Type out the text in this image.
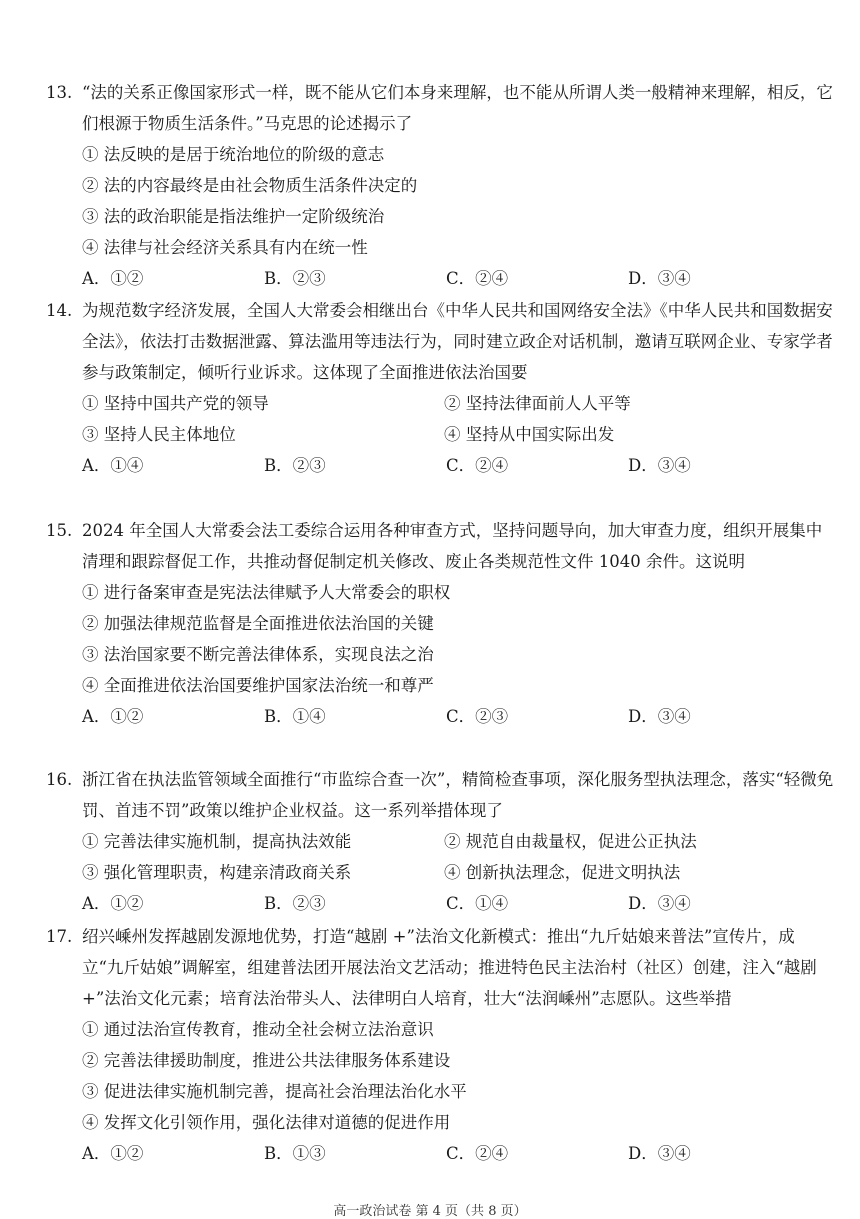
13. “法的关系正像国家形式一样，既不能从它们本身来理解，也不能从所谓人类一般精神来理解，相反，它们根源于物质生活条件。”马克思的论述揭示了
① 法反映的是居于统治地位的阶级的意志
② 法的内容最终是由社会物质生活条件决定的
③ 法的政治职能是指法维护一定阶级统治
④ 法律与社会经济关系具有内在统一性
A．①②	B．②③	C．②④	D．③④
14. 为规范数字经济发展，全国人大常委会相继出台《中华人民共和国网络安全法》《中华人民共和国数据安全法》，依法打击数据泄露、算法滥用等违法行为，同时建立政企对话机制，邀请互联网企业、专家学者参与政策制定，倾听行业诉求。这体现了全面推进依法治国要
① 坚持中国共产党的领导	② 坚持法律面前人人平等
③ 坚持人民主体地位	④ 坚持从中国实际出发
A．①④	B．②③	C．②④	D．③④
15. 2024 年全国人大常委会法工委综合运用各种审查方式，坚持问题导向，加大审查力度，组织开展集中清理和跟踪督促工作，共推动督促制定机关修改、废止各类规范性文件 1040 余件。这说明
① 进行备案审查是宪法法律赋予人大常委会的职权
② 加强法律规范监督是全面推进依法治国的关键
③ 法治国家要不断完善法律体系，实现良法之治
④ 全面推进依法治国要维护国家法治统一和尊严
A．①②	B．①④	C．②③	D．③④
16. 浙江省在执法监管领域全面推行“市监综合查一次”，精简检查事项，深化服务型执法理念，落实“轻微免罚、首违不罚”政策以维护企业权益。这一系列举措体现了
① 完善法律实施机制，提高执法效能	② 规范自由裁量权，促进公正执法
③ 强化管理职责，构建亲清政商关系	④ 创新执法理念，促进文明执法
A．①②	B．②③	C．①④	D．③④
17. 绍兴嵊州发挥越剧发源地优势，打造“越剧 +”法治文化新模式：推出“九斤姑娘来普法”宣传片，成立“九斤姑娘”调解室，组建普法团开展法治文艺活动；推进特色民主法治村（社区）创建，注入“越剧 +”法治文化元素；培育法治带头人、法律明白人培育，壮大“法润嵊州”志愿队。这些举措
① 通过法治宣传教育，推动全社会树立法治意识
② 完善法律援助制度，推进公共法律服务体系建设
③ 促进法律实施机制完善，提高社会治理法治化水平
④ 发挥文化引领作用，强化法律对道德的促进作用
A．①②	B．①③	C．②④	D．③④
高一政治试卷 第 4 页（共 8 页）
